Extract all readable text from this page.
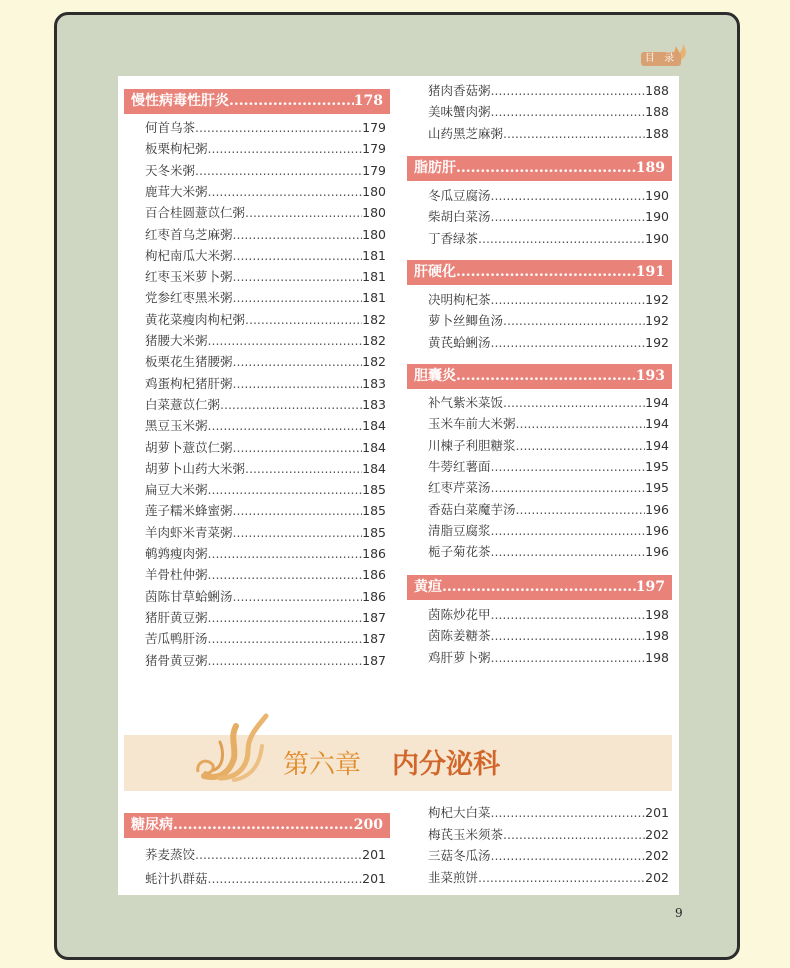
目 录
慢性病毒性肝炎 .....	178
何首乌茶 .....	179
板栗枸杞粥 .....	179
天冬米粥 .....	179
鹿茸大米粥 .....	180
百合桂圆薏苡仁粥 .....	180
红枣首乌芝麻粥 .....	180
枸杞南瓜大米粥 .....	181
红枣玉米萝卜粥 .....	181
党参红枣黑米粥 .....	181
黄花菜瘦肉枸杞粥 .....	182
猪腰大米粥 .....	182
板栗花生猪腰粥 .....	182
鸡蛋枸杞猪肝粥 .....	183
白菜薏苡仁粥 .....	183
黑豆玉米粥 .....	184
胡萝卜薏苡仁粥 .....	184
胡萝卜山药大米粥 .....	184
扁豆大米粥 .....	185
莲子糯米蜂蜜粥 .....	185
羊肉虾米青菜粥 .....	185
鹌鹑瘦肉粥 .....	186
羊骨杜仲粥 .....	186
茵陈甘草蛤蜊汤 .....	186
猪肝黄豆粥 .....	187
苦瓜鸭肝汤 .....	187
猪骨黄豆粥 .....	187
猪肉香菇粥 .....	188
美味蟹肉粥 .....	188
山药黑芝麻粥 .....	188
脂肪肝 .....	189
冬瓜豆腐汤 .....	190
柴胡白菜汤 .....	190
丁香绿茶 .....	190
肝硬化 .....	191
决明枸杞茶 .....	192
萝卜丝鲫鱼汤 .....	192
黄芪蛤蜊汤 .....	192
胆囊炎 .....	193
补气紫米菜饭 .....	194
玉米车前大米粥 .....	194
川楝子利胆糖浆 .....	194
牛蒡红薯面 .....	195
红枣芹菜汤 .....	195
香菇白菜魔芋汤 .....	196
清脂豆腐浆 .....	196
栀子菊花茶 .....	196
黄疸 .....	197
茵陈炒花甲 .....	198
茵陈姜糖茶 .....	198
鸡肝萝卜粥 .....	198
糖尿病 .....	200
荞麦蒸饺 .....	201
蚝汁扒群菇 .....	201
枸杞大白菜 .....	201
梅芪玉米须茶 .....	202
三菇冬瓜汤 .....	202
韭菜煎饼 .....	202
第六章 内分泌科
9
